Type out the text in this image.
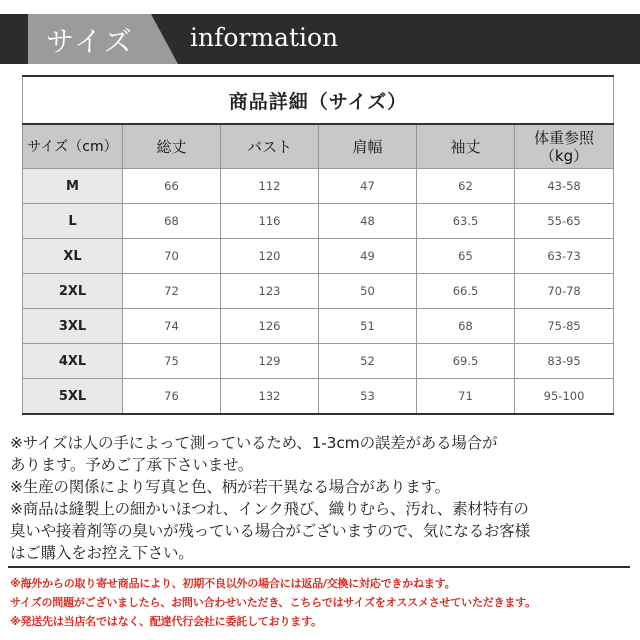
サイズ information
商品詳細（サイズ）					
サイズ（cm）	総丈	バスト	肩幅	袖丈	体重参照
（kg）
M	66	112	47	62	43-58
L	68	116	48	63.5	55-65
XL	70	120	49	65	63-73
2XL	72	123	50	66.5	70-78
3XL	74	126	51	68	75-85
4XL	75	129	52	69.5	83-95
5XL	76	132	53	71	95-100

※サイズは人の手によって測っているため、1-3cmの誤差がある場合が

あります。予めご了承下さいませ。

※生産の関係により写真と色、柄が若干異なる場合があります。

※商品は縫製上の細かいほつれ、インク飛び、織りむら、汚れ、素材特有の

臭いや接着剤等の臭いが残っている場合がございますので、気になるお客様

はご購入をお控え下さい。

※海外からの取り寄せ商品により、初期不良以外の場合には返品/交換に対応できかねます。

サイズの問題がございましたら、お問い合わせいただき、こちらではサイズをオススメさせていただきます。

※発送先は当店名ではなく、配達代行会社に委託しております。
